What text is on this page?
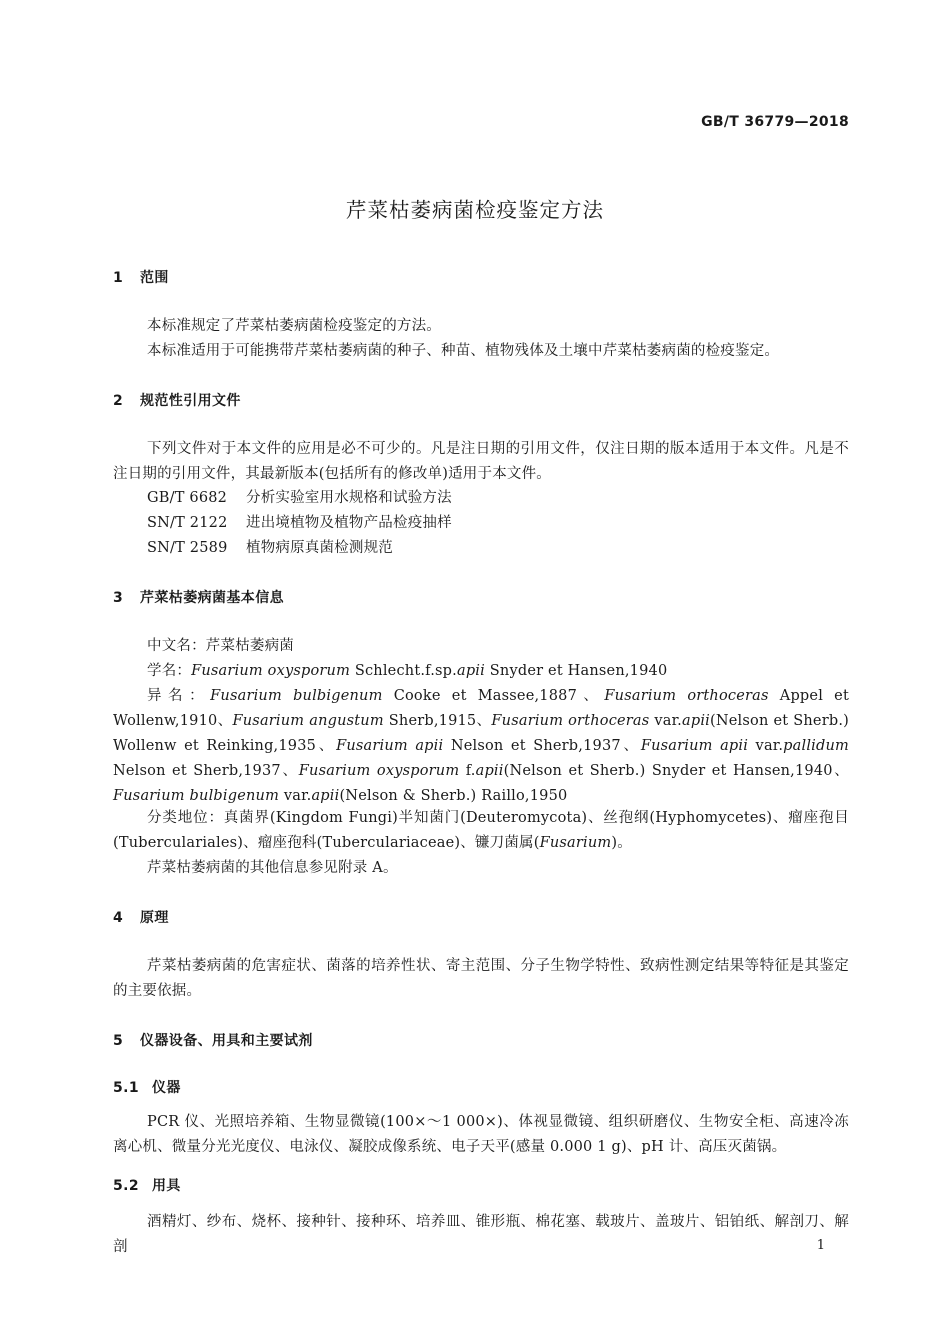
GB/T 36779—2018
芹菜枯萎病菌检疫鉴定方法
1 范围
本标准规定了芹菜枯萎病菌检疫鉴定的方法。
本标准适用于可能携带芹菜枯萎病菌的种子、种苗、植物残体及土壤中芹菜枯萎病菌的检疫鉴定。
2 规范性引用文件
下列文件对于本文件的应用是必不可少的。凡是注日期的引用文件，仅注日期的版本适用于本文件。凡是不注日期的引用文件，其最新版本(包括所有的修改单)适用于本文件。
GB/T 6682 分析实验室用水规格和试验方法
SN/T 2122 进出境植物及植物产品检疫抽样
SN/T 2589 植物病原真菌检测规范
3 芹菜枯萎病菌基本信息
中文名：芹菜枯萎病菌
学名：Fusarium oxysporum Schlecht.f.sp.apii Snyder et Hansen,1940
异名：Fusarium bulbigenum Cooke et Massee,1887、Fusarium orthoceras Appel et Wollenw,1910、Fusarium angustum Sherb,1915、Fusarium orthoceras var.apii(Nelson et Sherb.) Wollenw et Reinking,1935、Fusarium apii Nelson et Sherb,1937、Fusarium apii var.pallidum Nelson et Sherb,1937、Fusarium oxysporum f.apii(Nelson et Sherb.) Snyder et Hansen,1940、Fusarium bulbigenum var.apii(Nelson & Sherb.) Raillo,1950
分类地位：真菌界(Kingdom Fungi)半知菌门(Deuteromycota)、丝孢纲(Hyphomycetes)、瘤座孢目(Tuberculariales)、瘤座孢科(Tuberculariaceae)、镰刀菌属(Fusarium)。
芹菜枯萎病菌的其他信息参见附录 A。
4 原理
芹菜枯萎病菌的危害症状、菌落的培养性状、寄主范围、分子生物学特性、致病性测定结果等特征是其鉴定的主要依据。
5 仪器设备、用具和主要试剂
5.1 仪器
PCR 仪、光照培养箱、生物显微镜(100×～1 000×)、体视显微镜、组织研磨仪、生物安全柜、高速冷冻离心机、微量分光光度仪、电泳仪、凝胶成像系统、电子天平(感量 0.000 1 g)、pH 计、高压灭菌锅。
5.2 用具
酒精灯、纱布、烧杯、接种针、接种环、培养皿、锥形瓶、棉花塞、载玻片、盖玻片、铝铂纸、解剖刀、解剖	1
